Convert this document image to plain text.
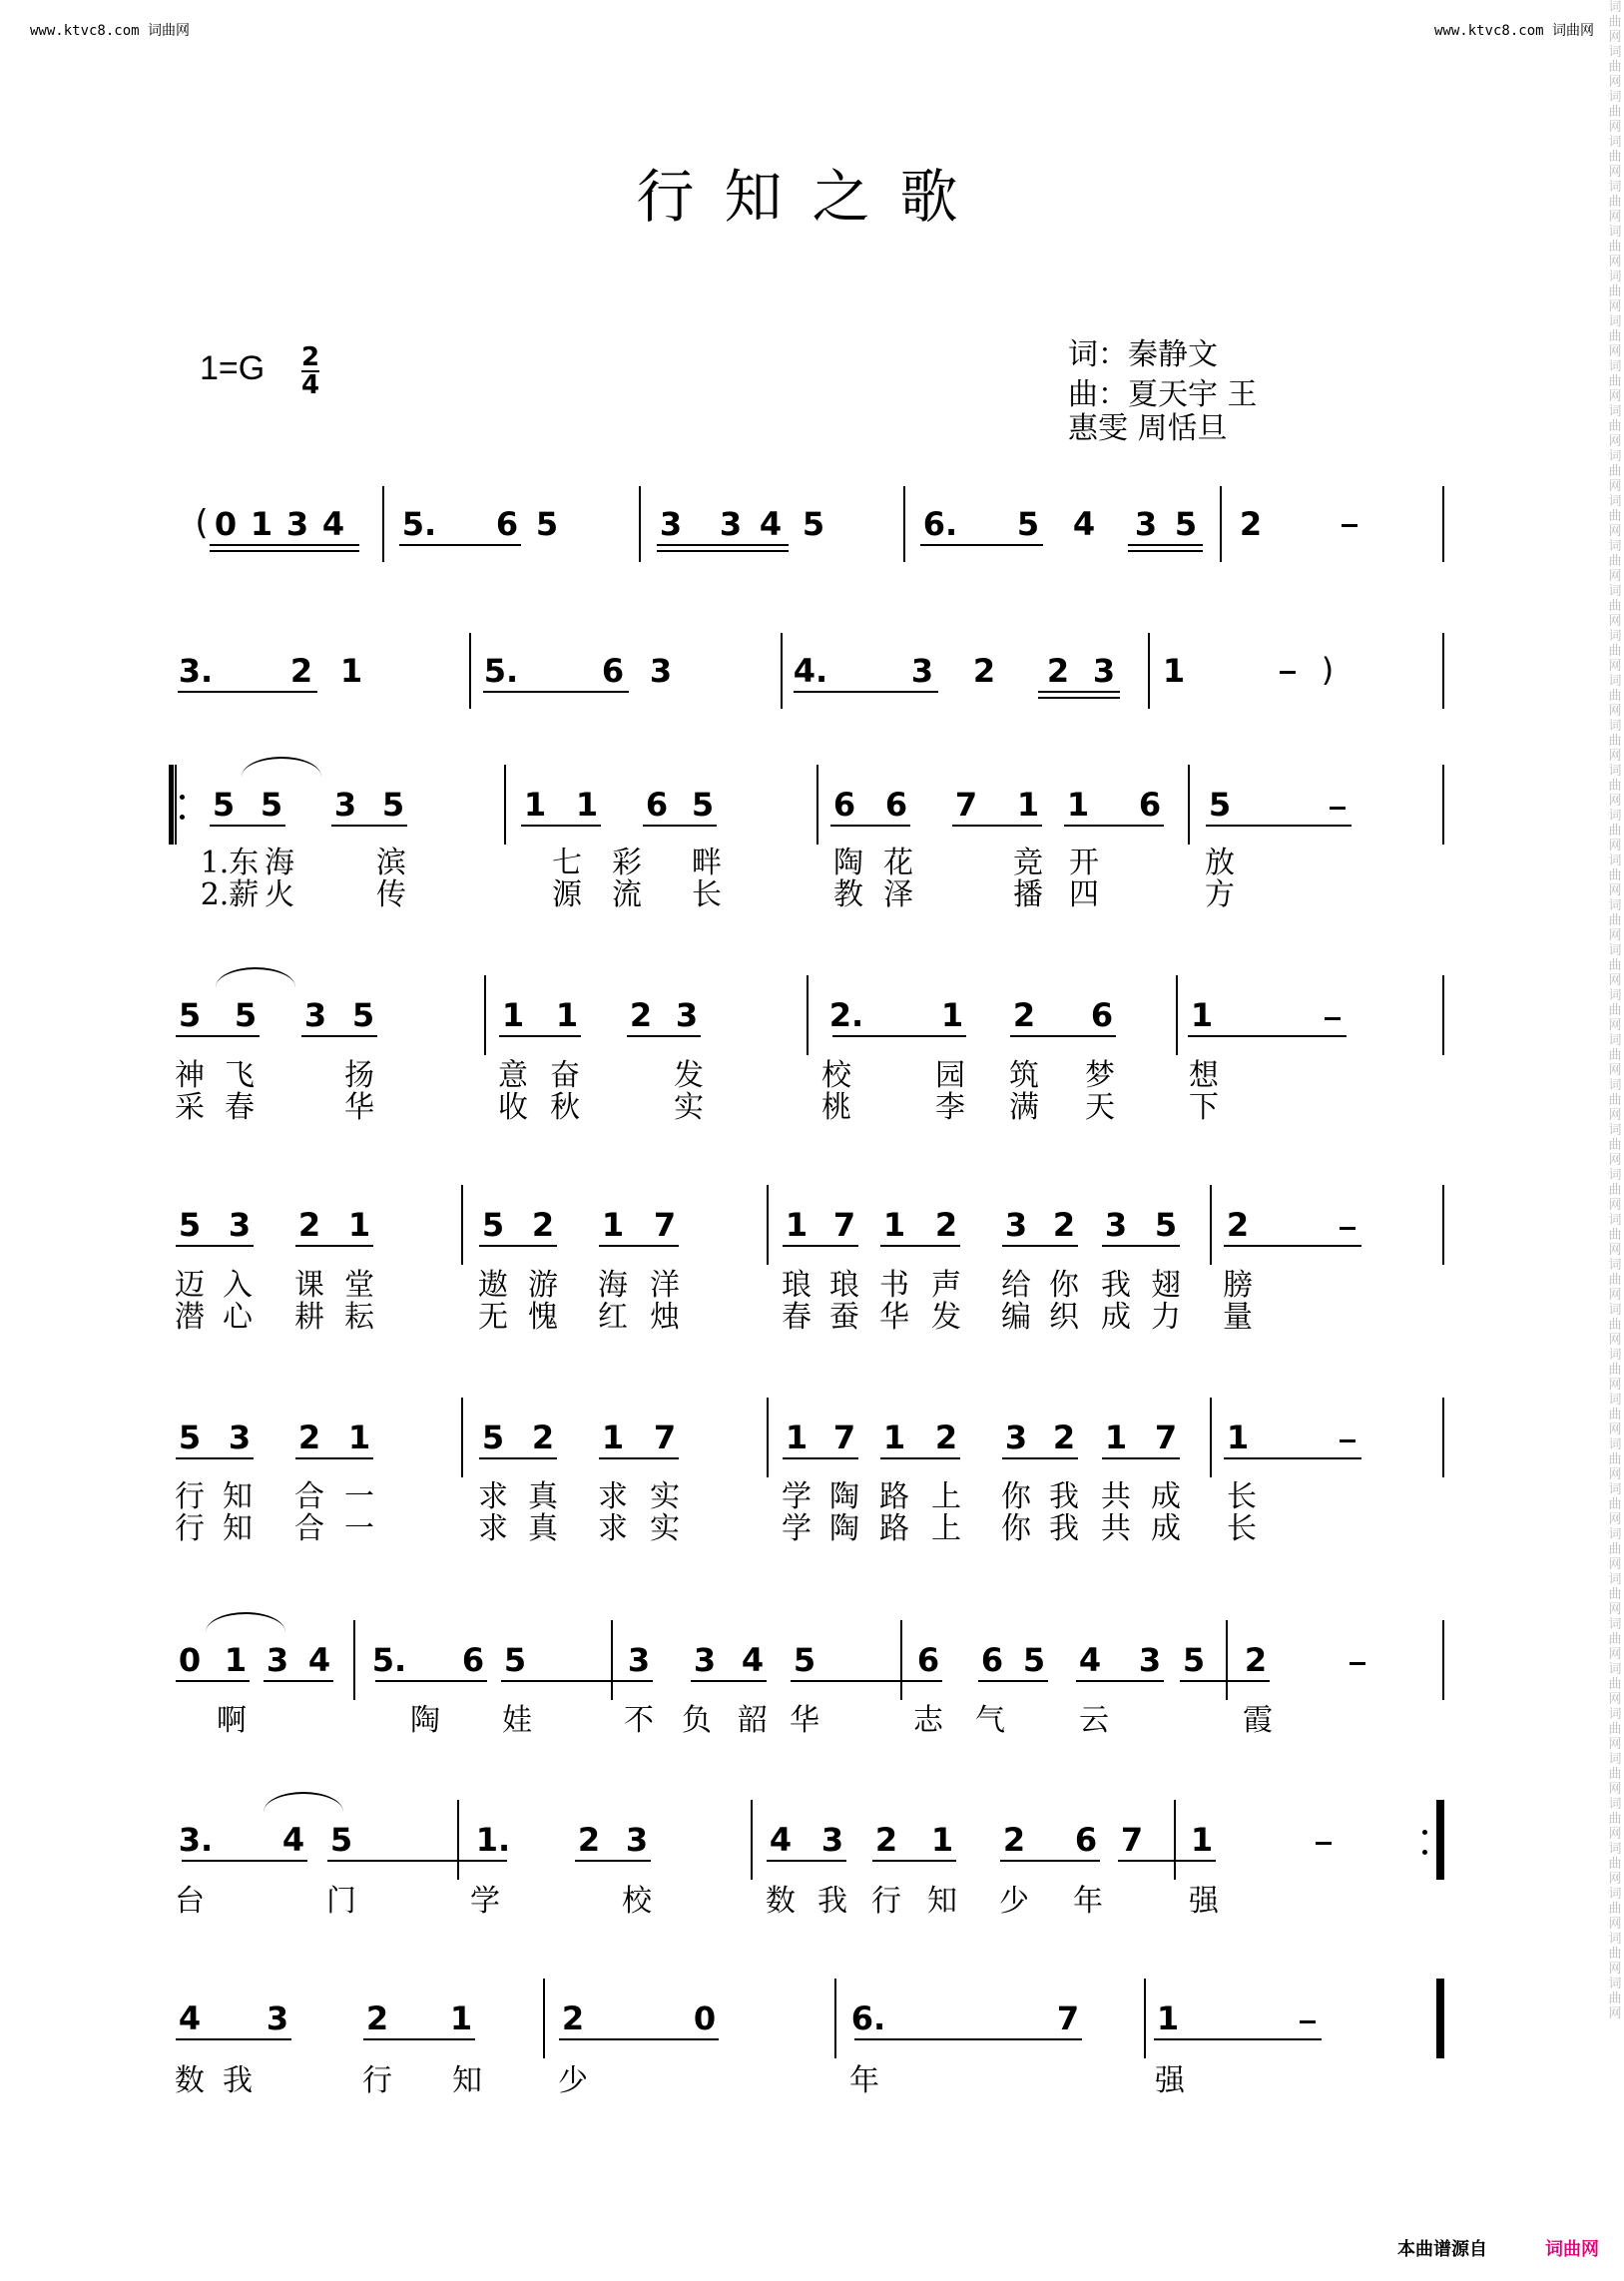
www.ktvc8.com 词曲网	www.ktvc8.com 词曲网
词曲网词曲网词曲网词曲网词曲网词曲网词曲网词曲网词曲网词曲网词曲网词曲网词曲网词曲网词曲网词曲网词曲网词曲网词曲网词曲网词曲网词曲网词曲网词曲网词曲网词曲网词曲网词曲网词曲网词曲网词曲网词曲网词曲网词曲网词曲网词曲网词曲网词曲网词曲网词曲网词曲网词曲网词曲网词曲网词曲网
行知之歌
1=G 2
4
词：秦静文
曲：夏天宇 王
惠雯 周恬旦
( 0 1 3 4 5. 6 5	3 3 4 5	6. 5 4 3 5 2
3. 2 1	5.	6 3	4.	3 2 2 3 1	)
5 5 3 5	1 1 6 5	6 6 7 1 1 6 5
5 5 3 5	1 1 2 3	2. 1 2 6 1
5 3 2 1	5 2 1 7	1 7 1 2 3 2 3 5 2
5 3 2 1	5 2 1 7	1 7 1 2 3 2 1 7 1
0 1 3 4 5. 6 5	3 3 4 5	6 6 5 4 3 5 2
3. 4 5	1. 2 3	4 3 2 1 2 6 7 1
4 3 2 1	2	0	6.	7 1
1.东 海	滨	七 彩 畔	陶 花	竞 开	放
2.薪 火	传	源 流 长	教 泽	播 四	方
神 飞	扬	意 奋	发	校	园 筑 梦 想
采 春	华	收 秋	实	桃	李 满 天 下
迈 入 课 堂	遨 游 海 洋	琅 琅 书 声 给 你 我 翅 膀
潜 心 耕 耘	无 愧 红 烛	春 蚕 华 发 编 织 成 力 量
行 知 合 一	求 真 求 实	学 陶 路 上 你 我 共 成 长
行 知 合 一	求 真 求 实	学 陶 路 上 你 我 共 成 长
啊	陶 娃	不 负 韶 华	志 气 云	霞
台	门	学	校	数 我 行 知 少 年	强
数 我	行 知	少	年	强
本曲谱源自	词曲网
